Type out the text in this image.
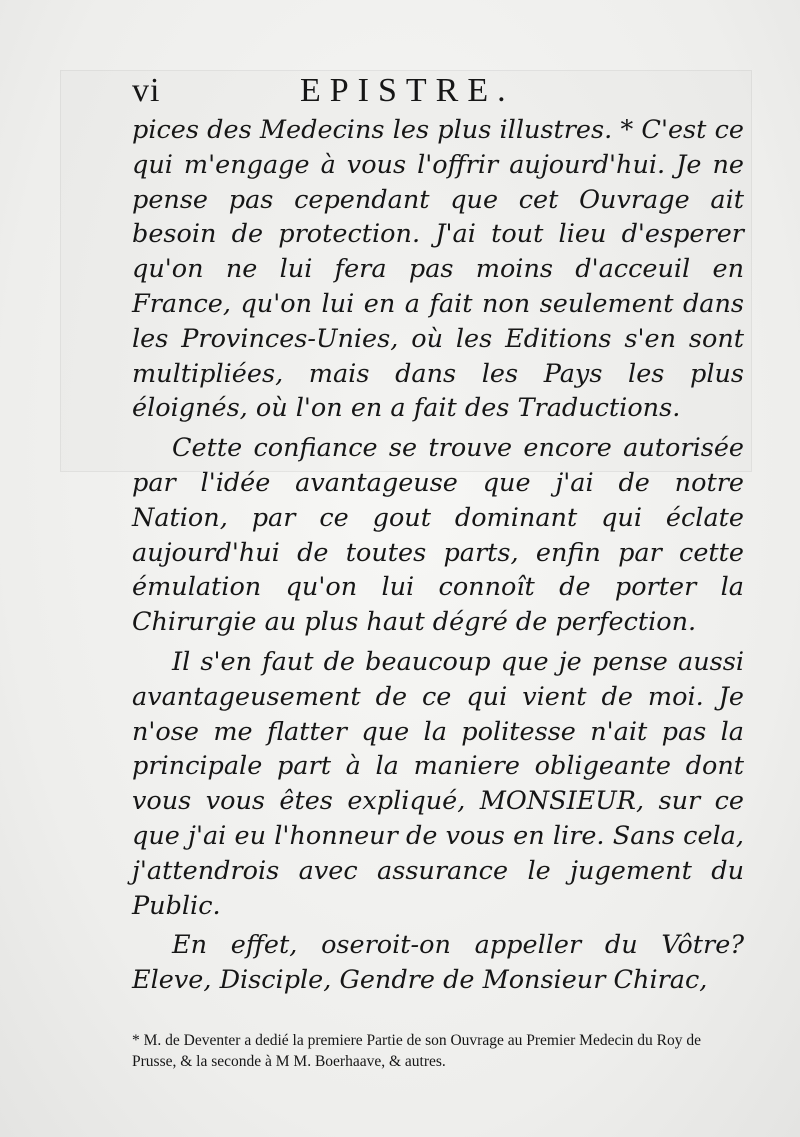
vi	EPISTRE.

pices des Medecins les plus illustres. * C'est ce qui m'engage à vous l'offrir aujourd'hui. Je ne pense pas cependant que cet Ouvrage ait besoin de protection. J'ai tout lieu d'esperer qu'on ne lui fera pas moins d'acceuil en France, qu'on lui en a fait non seulement dans les Provinces-Unies, où les Editions s'en sont multipliées, mais dans les Pays les plus éloignés, où l'on en a fait des Traductions.

Cette confiance se trouve encore autorisée par l'idée avantageuse que j'ai de notre Nation, par ce gout dominant qui éclate aujourd'hui de toutes parts, enfin par cette émulation qu'on lui connoît de porter la Chirurgie au plus haut dégré de perfection.

Il s'en faut de beaucoup que je pense aussi avantageusement de ce qui vient de moi. Je n'ose me flatter que la politesse n'ait pas la principale part à la maniere obligeante dont vous vous êtes expliqué, MONSIEUR, sur ce que j'ai eu l'honneur de vous en lire. Sans cela, j'attendrois avec assurance le jugement du Public.

En effet, oseroit-on appeller du Vôtre? Eleve, Disciple, Gendre de Monsieur Chirac,

* M. de Deventer a dedié la premiere Partie de son Ouvrage au Premier Medecin du Roy de Prusse, & la seconde à M M. Boerhaave, & autres.
